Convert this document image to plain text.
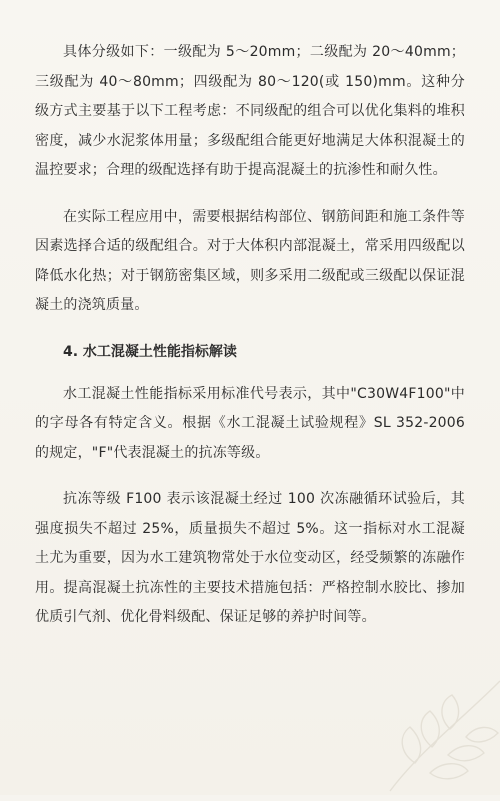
具体分级如下：一级配为 5～20mm；二级配为 20～40mm；三级配为 40～80mm；四级配为 80～120(或 150)mm。这种分级方式主要基于以下工程考虑：不同级配的组合可以优化集料的堆积密度，减少水泥浆体用量；多级配组合能更好地满足大体积混凝土的温控要求；合理的级配选择有助于提高混凝土的抗渗性和耐久性。

在实际工程应用中，需要根据结构部位、钢筋间距和施工条件等因素选择合适的级配组合。对于大体积内部混凝土，常采用四级配以降低水化热；对于钢筋密集区域，则多采用二级配或三级配以保证混凝土的浇筑质量。

4. 水工混凝土性能指标解读

水工混凝土性能指标采用标准代号表示，其中"C30W4F100"中的字母各有特定含义。根据《水工混凝土试验规程》SL 352-2006 的规定，"F"代表混凝土的抗冻等级。

抗冻等级 F100 表示该混凝土经过 100 次冻融循环试验后，其强度损失不超过 25%，质量损失不超过 5%。这一指标对水工混凝土尤为重要，因为水工建筑物常处于水位变动区，经受频繁的冻融作用。提高混凝土抗冻性的主要技术措施包括：严格控制水胶比、掺加优质引气剂、优化骨料级配、保证足够的养护时间等。
